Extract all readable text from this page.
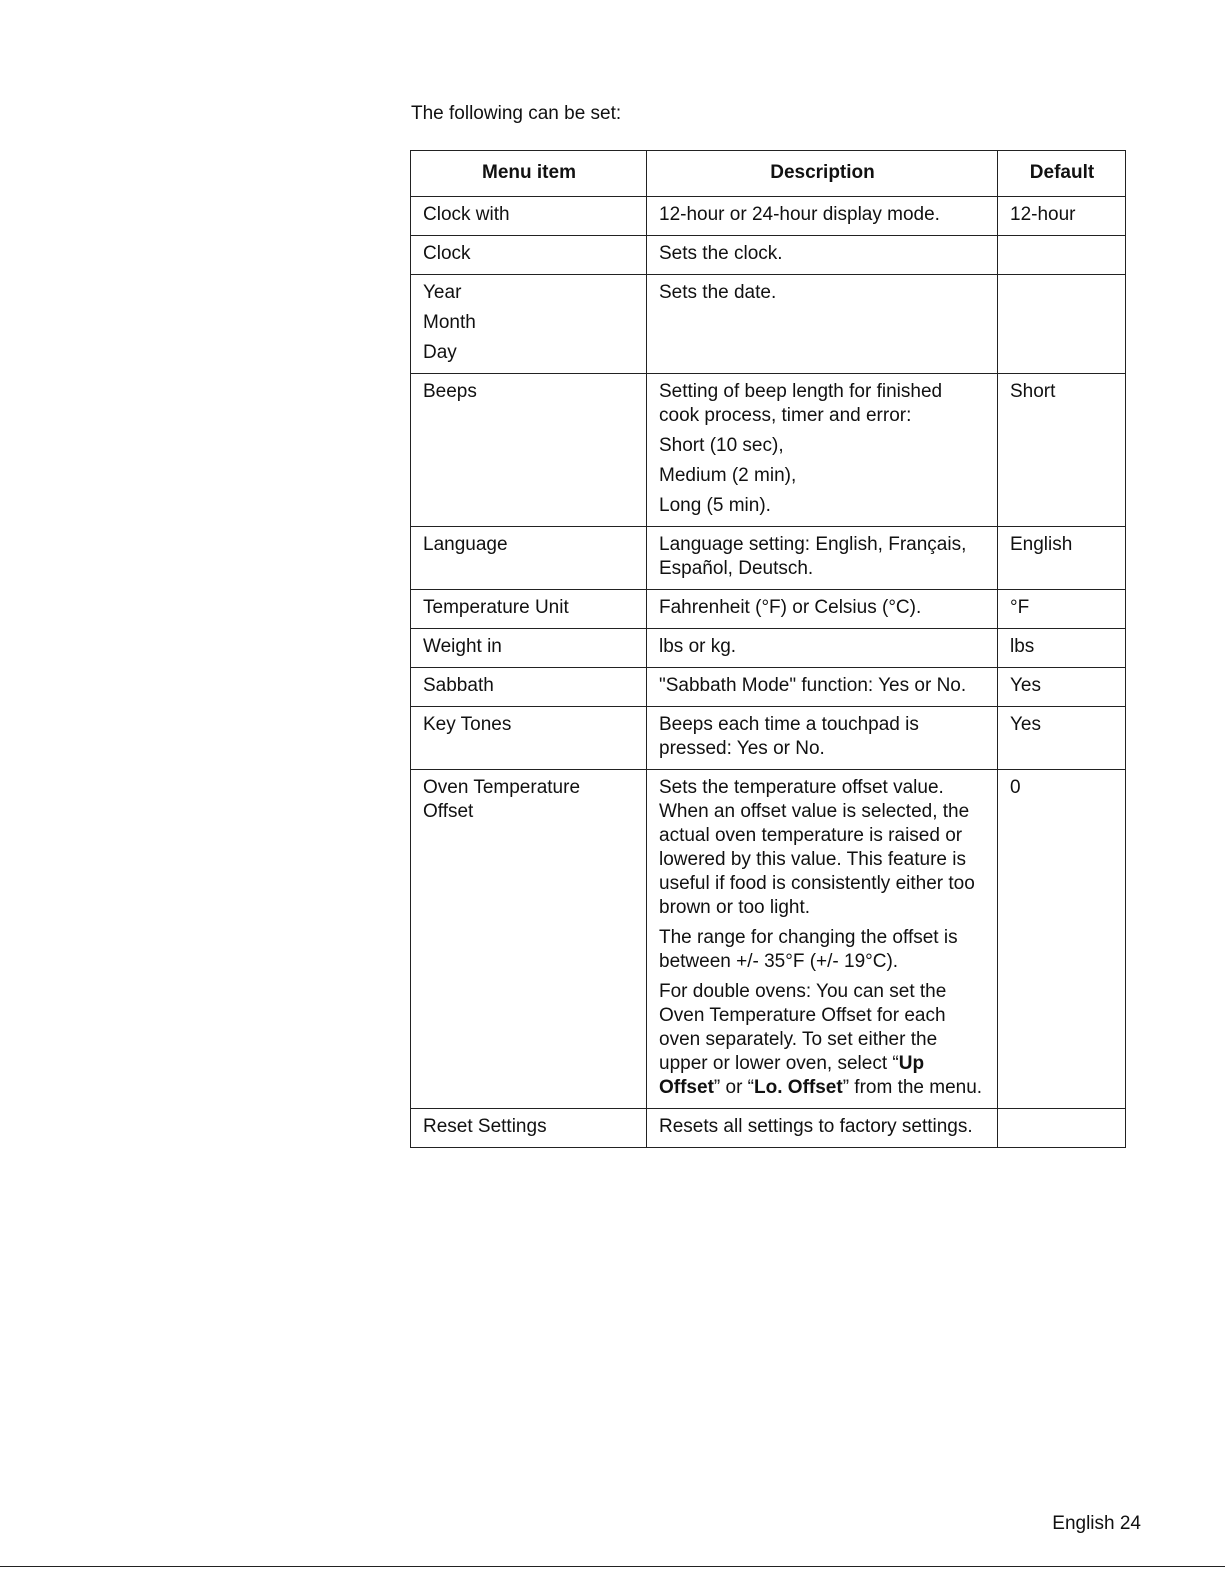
The following can be set:
Menu item	Description	Default

Clock with	12-hour or 24-hour display mode.	12-hour

Clock	Sets the clock.	

Year
Month
Day	Sets the date.	

Beeps	Setting of beep length for finished cook process, timer and error:
Short (10 sec),
Medium (2 min),
Long (5 min).	Short

Language	Language setting: English, Français, Español, Deutsch.	English

Temperature Unit	Fahrenheit (°F) or Celsius (°C).	°F

Weight in	lbs or kg.	lbs

Sabbath	"Sabbath Mode" function: Yes or No.	Yes

Key Tones	Beeps each time a touchpad is pressed: Yes or No.	Yes

Oven Temperature Offset	Sets the temperature offset value. When an offset value is selected, the actual oven temperature is raised or lowered by this value. This feature is useful if food is consistently either too brown or too light.
The range for changing the offset is between +/- 35°F (+/- 19°C).
For double ovens: You can set the Oven Temperature Offset for each oven separately. To set either the upper or lower oven, select “Up Offset” or “Lo. Offset” from the menu.	0

Reset Settings	Resets all settings to factory settings.	

English 24
